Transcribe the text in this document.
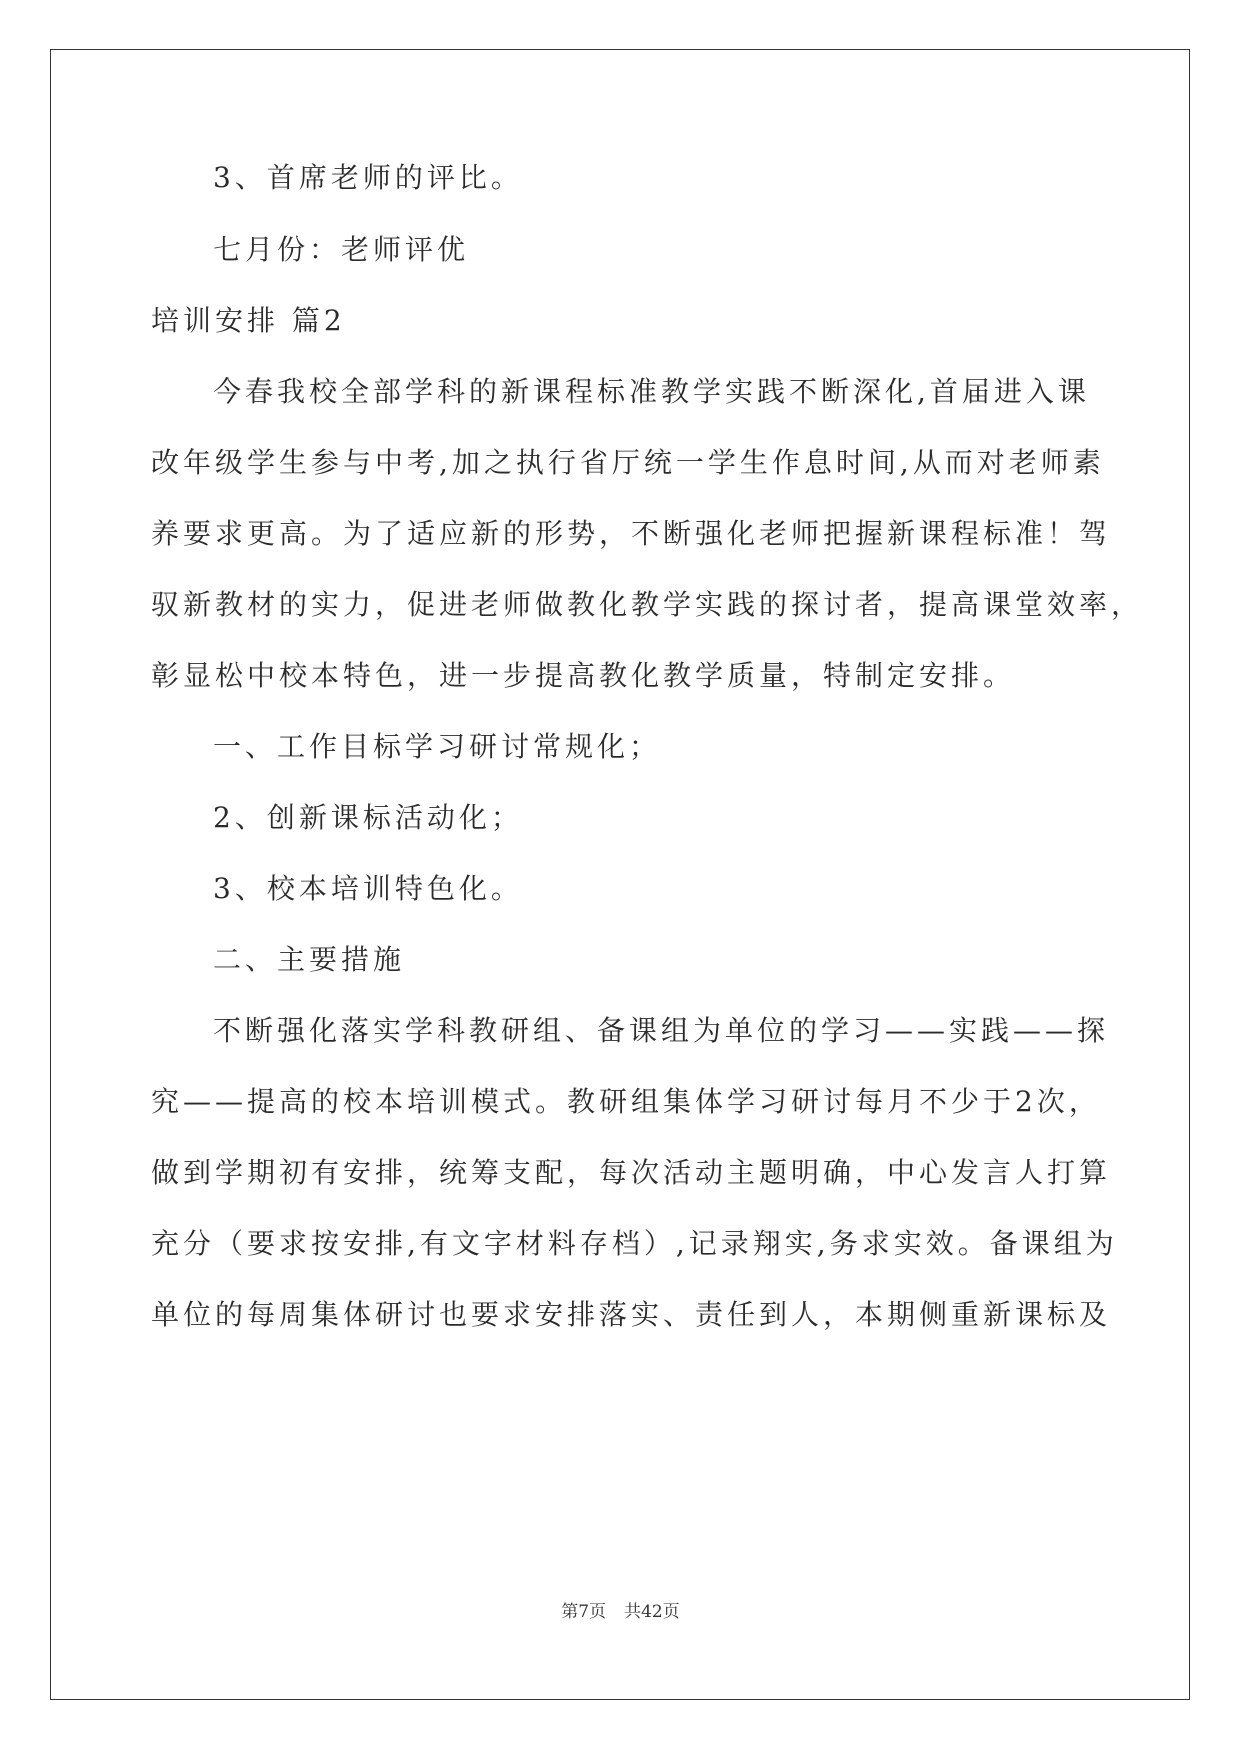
3、首席老师的评比。
七月份：老师评优
培训安排 篇2
今春我校全部学科的新课程标准教学实践不断深化,首届进入课
改年级学生参与中考,加之执行省厅统一学生作息时间,从而对老师素
养要求更高。为了适应新的形势，不断强化老师把握新课程标准！驾
驭新教材的实力，促进老师做教化教学实践的探讨者，提高课堂效率，
彰显松中校本特色，进一步提高教化教学质量，特制定安排。
一、工作目标学习研讨常规化；
2、创新课标活动化；
3、校本培训特色化。
二、主要措施
不断强化落实学科教研组、备课组为单位的学习——实践——探
究——提高的校本培训模式。教研组集体学习研讨每月不少于2次，
做到学期初有安排，统筹支配，每次活动主题明确，中心发言人打算
充分（要求按安排,有文字材料存档）,记录翔实,务求实效。备课组为
单位的每周集体研讨也要求安排落实、责任到人，本期侧重新课标及
第7页 共42页
